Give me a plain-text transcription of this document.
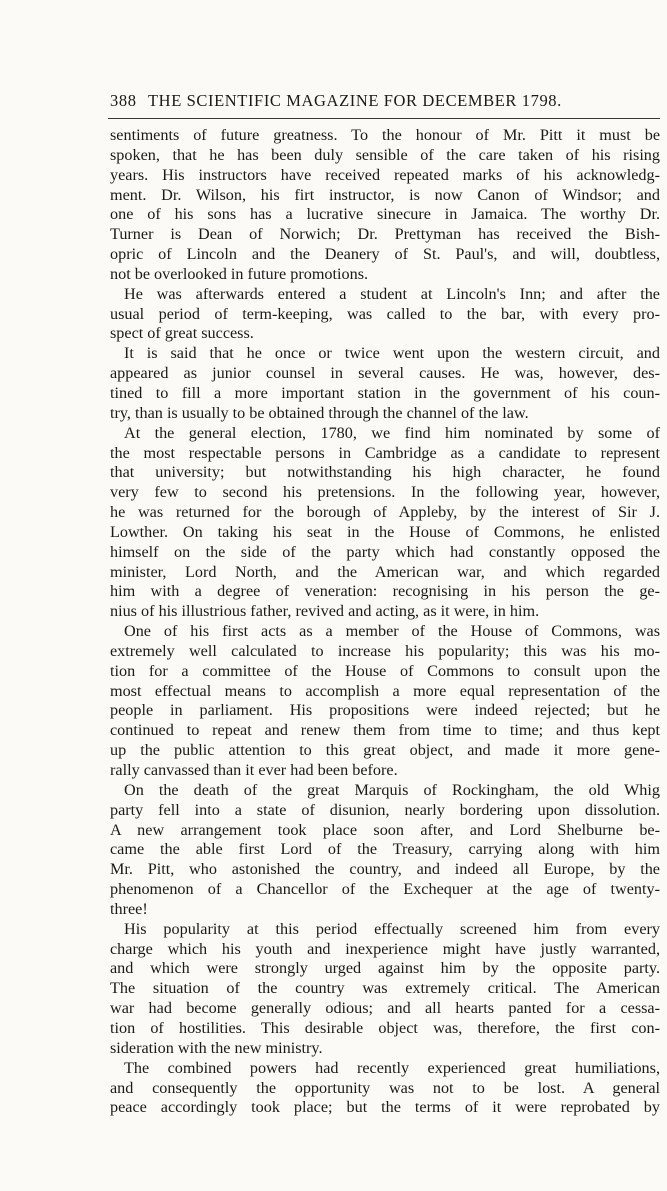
388 THE SCIENTIFIC MAGAZINE FOR DECEMBER 1798.
sentiments of future greatness. To the honour of Mr. Pitt it must be
spoken, that he has been duly sensible of the care taken of his rising
years. His instructors have received repeated marks of his acknowledg-
ment. Dr. Wilson, his firt instructor, is now Canon of Windsor; and
one of his sons has a lucrative sinecure in Jamaica. The worthy Dr.
Turner is Dean of Norwich; Dr. Prettyman has received the Bish-
opric of Lincoln and the Deanery of St. Paul's, and will, doubtless,
not be overlooked in future promotions.
He was afterwards entered a student at Lincoln's Inn; and after the
usual period of term-keeping, was called to the bar, with every pro-
spect of great success.
It is said that he once or twice went upon the western circuit, and
appeared as junior counsel in several causes. He was, however, des-
tined to fill a more important station in the government of his coun-
try, than is usually to be obtained through the channel of the law.
At the general election, 1780, we find him nominated by some of
the most respectable persons in Cambridge as a candidate to represent
that university; but notwithstanding his high character, he found
very few to second his pretensions. In the following year, however,
he was returned for the borough of Appleby, by the interest of Sir J.
Lowther. On taking his seat in the House of Commons, he enlisted
himself on the side of the party which had constantly opposed the
minister, Lord North, and the American war, and which regarded
him with a degree of veneration: recognising in his person the ge-
nius of his illustrious father, revived and acting, as it were, in him.
One of his first acts as a member of the House of Commons, was
extremely well calculated to increase his popularity; this was his mo-
tion for a committee of the House of Commons to consult upon the
most effectual means to accomplish a more equal representation of the
people in parliament. His propositions were indeed rejected; but he
continued to repeat and renew them from time to time; and thus kept
up the public attention to this great object, and made it more gene-
rally canvassed than it ever had been before.
On the death of the great Marquis of Rockingham, the old Whig
party fell into a state of disunion, nearly bordering upon dissolution.
A new arrangement took place soon after, and Lord Shelburne be-
came the able first Lord of the Treasury, carrying along with him
Mr. Pitt, who astonished the country, and indeed all Europe, by the
phenomenon of a Chancellor of the Exchequer at the age of twenty-
three!
His popularity at this period effectually screened him from every
charge which his youth and inexperience might have justly warranted,
and which were strongly urged against him by the opposite party.
The situation of the country was extremely critical. The American
war had become generally odious; and all hearts panted for a cessa-
tion of hostilities. This desirable object was, therefore, the first con-
sideration with the new ministry.
The combined powers had recently experienced great humiliations,
and consequently the opportunity was not to be lost. A general
peace accordingly took place; but the terms of it were reprobated by
